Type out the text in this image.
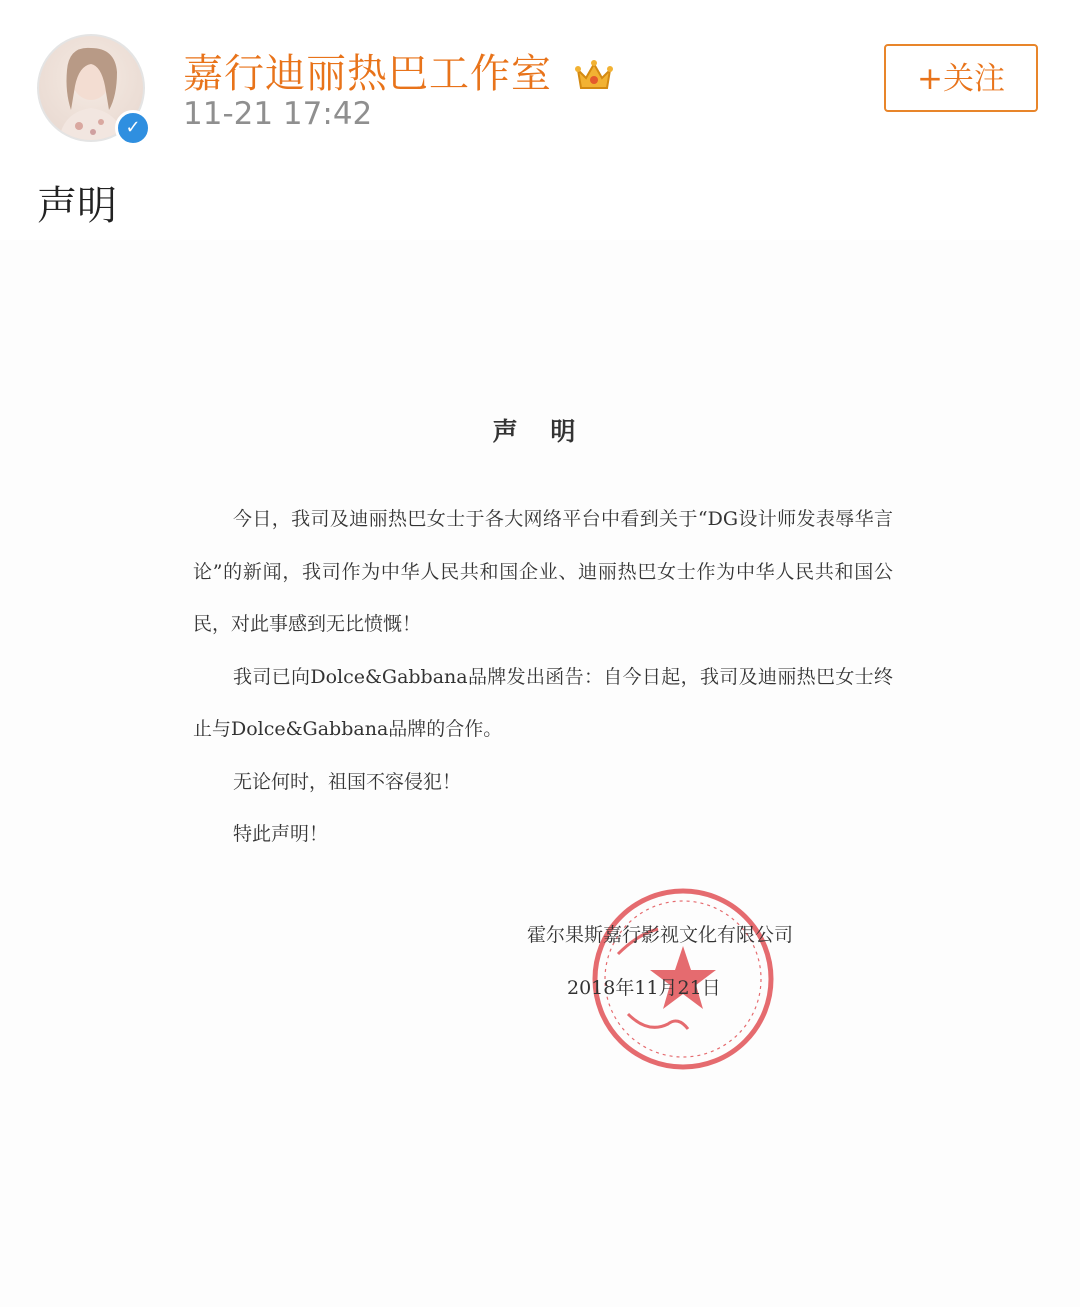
✓
嘉行迪丽热巴工作室
11-21 17:42
+关注
声明
声 明

今日，我司及迪丽热巴女士于各大网络平台中看到关于“DG设计师发表辱华言论”的新闻，我司作为中华人民共和国企业、迪丽热巴女士作为中华人民共和国公民，对此事感到无比愤慨！

我司已向Dolce&Gabbana品牌发出函告：自今日起，我司及迪丽热巴女士终止与Dolce&Gabbana品牌的合作。

无论何时，祖国不容侵犯！

特此声明！

霍尔果斯嘉行影视文化有限公司
2018年11月21日
